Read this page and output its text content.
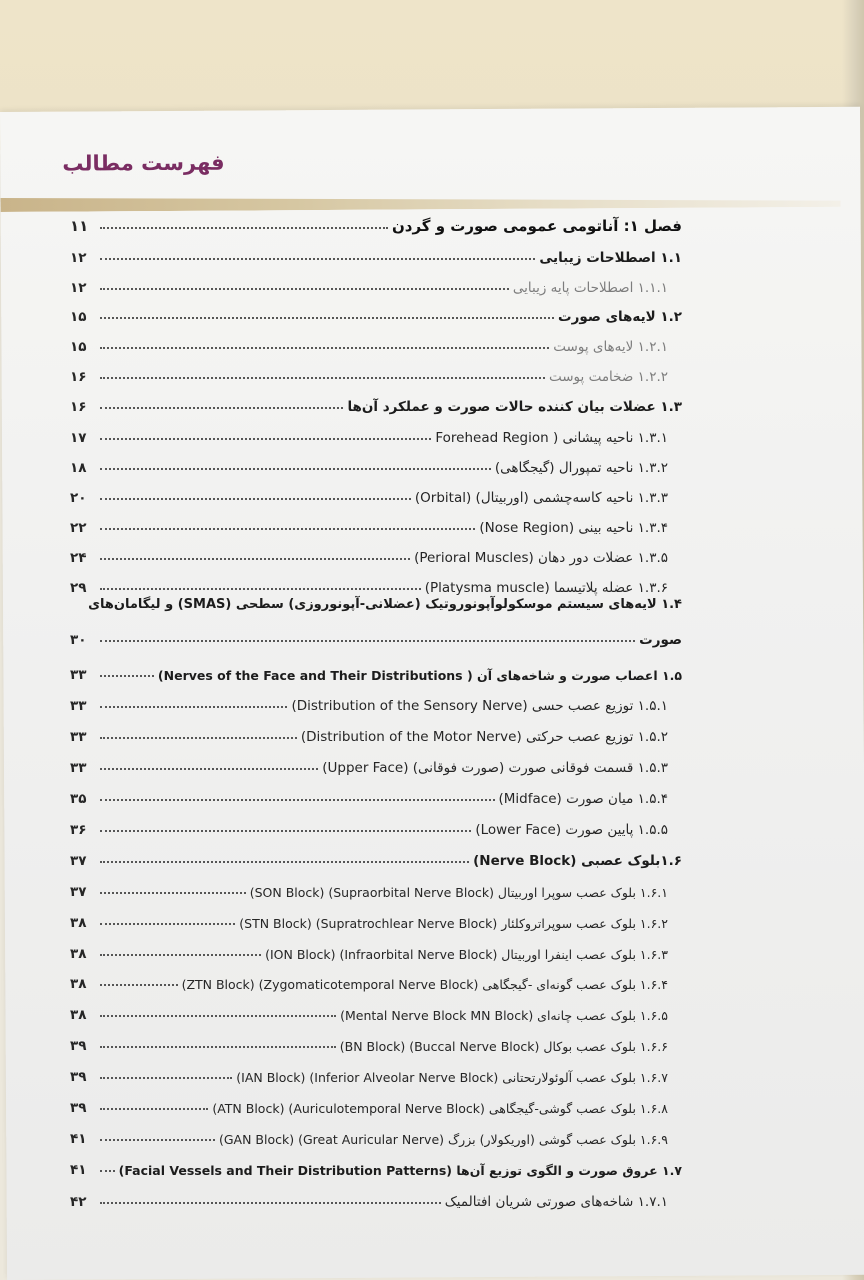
فهرست مطالب
فصل ۱: آناتومی عمومی صورت و گردن
۱۱
۱.۱ اصطلاحات زیبایی
۱۲
۱.۱.۱ اصطلاحات پایه زیبایی
۱۲
۱.۲ لایه‌های صورت
۱۵
۱.۲.۱ لایه‌های پوست
۱۵
۱.۲.۲ ضخامت پوست
۱۶
۱.۳ عضلات بیان کننده حالات صورت و عملکرد آن‌ها
۱۶
۱.۳.۱ ناحیه پیشانی ( Forehead Region
۱۷
۱.۳.۲ ناحیه تمپورال (گیجگاهی)
۱۸
۱.۳.۳ ناحیه کاسه‌چشمی (اوربیتال) (Orbital)
۲۰
۱.۳.۴ ناحیه بینی (Nose Region)
۲۲
۱.۳.۵ عضلات دور دهان (Perioral Muscles)
۲۴
۱.۳.۶ عضله پلاتیسما (Platysma muscle)
۲۹
۱.۴ لایه‌های سیستم موسکولوآپونوروتیک (عضلانی-آپونوروزی) سطحی (SMAS) و لیگامان‌های
صورت
۳۰
۱.۵ اعصاب صورت و شاخه‌های آن ( Nerves of the Face and Their Distributions)
۳۳
۱.۵.۱ توزیع عصب حسی (Distribution of the Sensory Nerve)
۳۳
۱.۵.۲ توزیع عصب حرکتی (Distribution of the Motor Nerve)
۳۳
۱.۵.۳ قسمت فوقانی صورت (صورت فوقانی) (Upper Face)
۳۳
۱.۵.۴ میان صورت (Midface)
۳۵
۱.۵.۵ پایین صورت (Lower Face)
۳۶
۱.۶بلوک عصبی (Nerve Block)
۳۷
۱.۶.۱ بلوک عصب سوپرا اوربیتال (Supraorbital Nerve Block) (SON Block)
۳۷
۱.۶.۲ بلوک عصب سوپراتروکلئار (Supratrochlear Nerve Block) (STN Block)
۳۸
۱.۶.۳ بلوک عصب اینفرا اوربیتال (Infraorbital Nerve Block) (ION Block)
۳۸
۱.۶.۴ بلوک عصب گونه‌ای -گیجگاهی (Zygomaticotemporal Nerve Block) (ZTN Block)
۳۸
۱.۶.۵ بلوک عصب چانه‌ای (Mental Nerve Block MN Block)
۳۸
۱.۶.۶ بلوک عصب بوکال (Buccal Nerve Block) (BN Block)
۳۹
۱.۶.۷ بلوک عصب آلوئولارتحتانی (Inferior Alveolar Nerve Block) (IAN Block)
۳۹
۱.۶.۸ بلوک عصب گوشی-گیجگاهی (Auriculotemporal Nerve Block) (ATN Block)
۳۹
۱.۶.۹ بلوک عصب گوشی (اوریکولار) بزرگ (Great Auricular Nerve) (GAN Block)
۴۱
۱.۷ عروق صورت و الگوی توزیع آن‌ها (Facial Vessels and Their Distribution Patterns)
۴۱
۱.۷.۱ شاخه‌های صورتی شریان افتالمیک
۴۲
